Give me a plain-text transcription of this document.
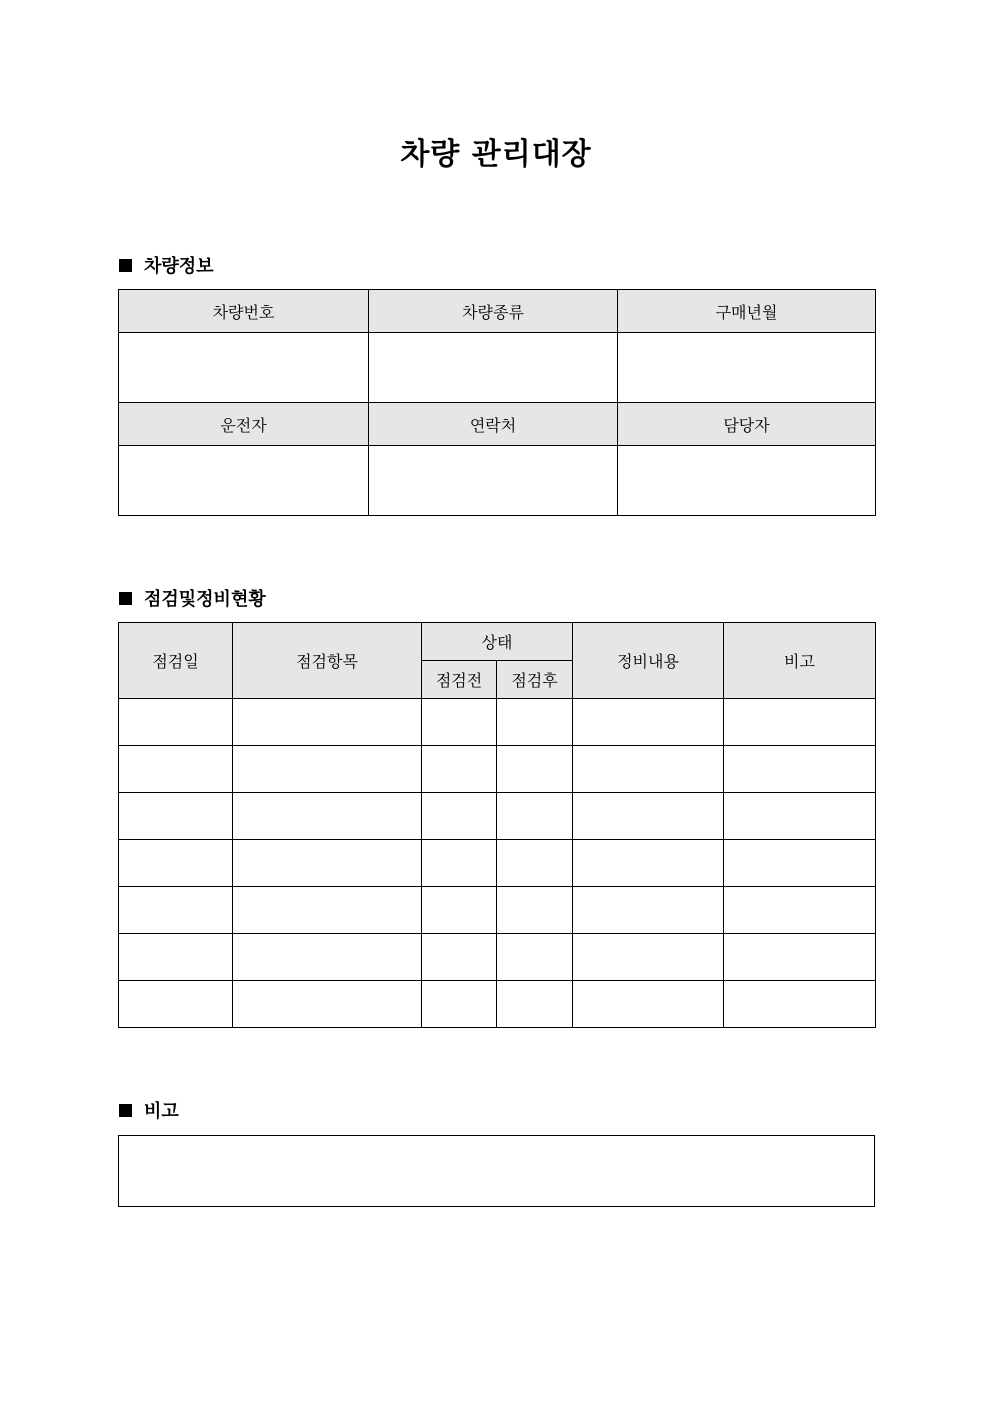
차량 관리대장
차량정보
차량번호	차량종류	구매년월

운전자	연락처	담당자

점검및정비현황
점검일	점검항목	상태		정비내용	비고
		점검전	점검후		

비고
